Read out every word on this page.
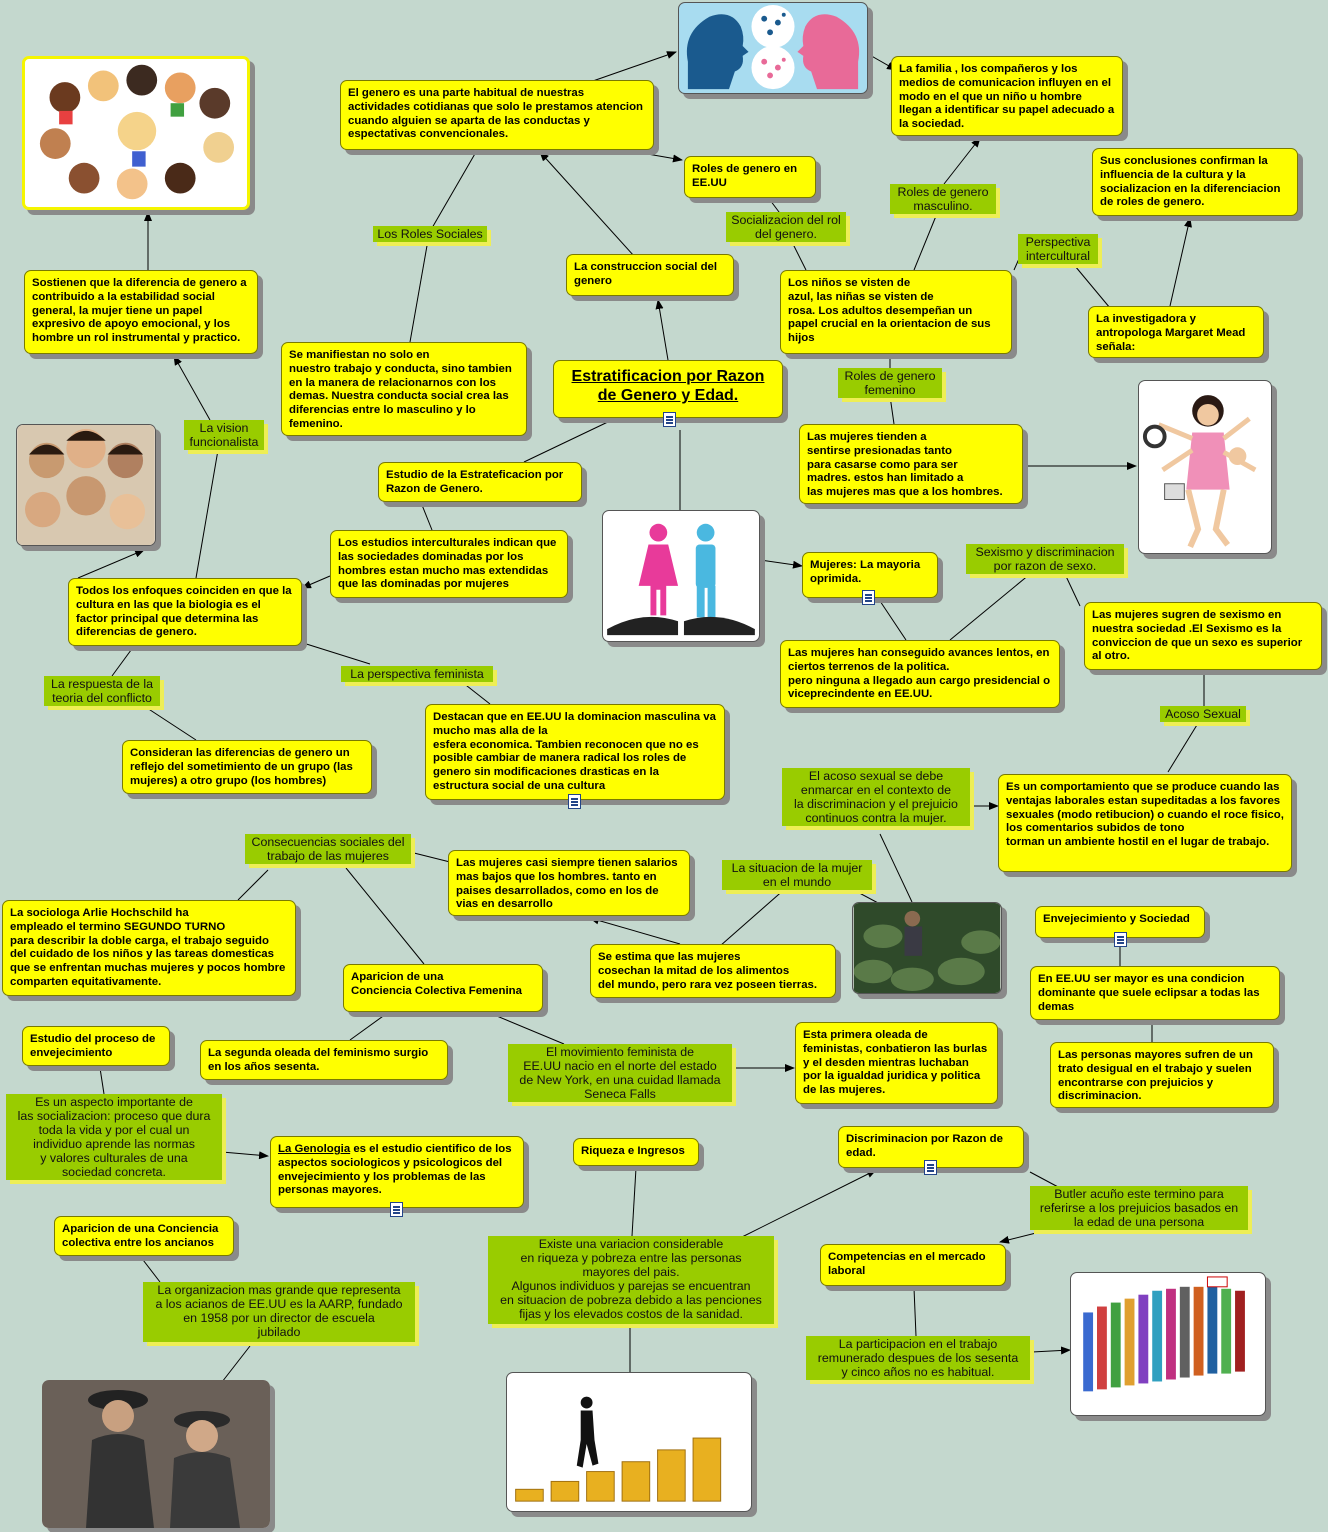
Estratificacion por Razon de Genero y Edad.
El genero es una parte habitual de nuestras actividades cotidianas que solo le prestamos atencion cuando alguien se aparta de las conductas y espectativas convencionales.
La familia , los compañeros y los medios de comunicacion influyen en el modo en el que un niño u hombre llegan a identificar su papel adecuado a la sociedad.
Sus conclusiones confirman la influencia de la cultura y la socializacion en la diferenciacion de roles de genero.
Roles de genero en
EE.UU
La construccion social del
genero	Los niños se visten de
azul, las niñas se visten de
rosa. Los adultos desempeñan un papel crucial en la orientacion de sus hijos
La investigadora y antropologa Margaret Mead
señala:
Sostienen que la diferencia de genero a contribuido a la estabilidad social general, la mujer tiene un papel expresivo de apoyo emocional, y los hombre un rol instrumental y practico.
Se manifiestan no solo en
nuestro trabajo y conducta, sino tambien en la manera de relacionarnos con los demas. Nuestra conducta social crea las diferencias entre lo masculino y lo femenino.
Las mujeres tienden a
sentirse presionadas tanto
para casarse como para ser
madres. estos han limitado a
las mujeres mas que a los hombres.
Estudio de la Estrateficacion por Razon de Genero.
Los estudios interculturales indican que las sociedades dominadas por los hombres estan mucho mas extendidas que las dominadas por mujeres
Todos los enfoques coinciden en que la cultura en las que la biologia es el factor principal que determina las diferencias de genero.
Mujeres: La mayoria
oprimida.
Las mujeres han conseguido avances lentos, en ciertos terrenos de la politica.
pero ninguna a llegado aun cargo presidencial o viceprecindente en EE.UU.
Las mujeres sugren de sexismo en nuestra sociedad .El Sexismo es la conviccion de que un sexo es superior al otro.
Consideran las diferencias de genero un reflejo del sometimiento de un grupo (las mujeres) a otro grupo (los hombres)
Destacan que en EE.UU la dominacion masculina va mucho mas alla de la
esfera economica. Tambien reconocen que no es posible cambiar de manera radical los roles de genero sin modificaciones drasticas en la estructura social de una cultura	Es un comportamiento que se produce cuando las ventajas laborales estan supeditadas a los favores sexuales (modo retibucion) o cuando el roce fisico, los comentarios subidos de tono
torman un ambiente hostil en el lugar de trabajo.
Las mujeres casi siempre tienen salarios mas bajos que los hombres. tanto en paises desarrollados, como en los de vias en desarrollo
La sociologa Arlie Hochschild ha
empleado el termino SEGUNDO TURNO
para describir la doble carga, el trabajo seguido del cuidado de los niños y las tareas domesticas que se enfrentan muchas mujeres y pocos hombre comparten equitativamente.
Envejecimiento y Sociedad
En EE.UU ser mayor es una condicion dominante que suele eclipsar a todas las demas
Aparicion de una
Conciencia Colectiva Femenina
Se estima que las mujeres
cosechan la mitad de los alimentos
del mundo, pero rara vez poseen tierras.
Estudio del proceso de envejecimiento	La segunda oleada del feminismo surgio en los años sesenta.
Esta primera oleada de feministas, conbatieron las burlas y el desden mientras luchaban por la igualdad juridica y politica de las mujeres.
Las personas mayores sufren de un trato desigual en el trabajo y suelen encontrarse con prejuicios y discriminacion.
La Genologia es el estudio cientifico de los aspectos sociologicos y psicologicos del envejecimiento y los problemas de las personas mayores.
Riqueza e Ingresos
Discriminacion por Razon de edad.
Aparicion de una Conciencia colectiva entre los ancianos
Competencias en el mercado laboral
Los Roles Sociales
Roles de genero
masculino.
Socializacion del rol
del genero.
Perspectiva
intercultural
Roles de genero
femenino
La vision
funcionalista
Sexismo y discriminacion
por razon de sexo.
La respuesta de la
teoria del conflicto
La perspectiva feminista
Acoso Sexual
El acoso sexual se debe
enmarcar en el contexto de
la discriminacion y el prejuicio
continuos contra la mujer.
Consecuencias sociales del
trabajo de las mujeres
La situacion de la mujer
en el mundo
El movimiento feminista de
EE.UU nacio en el norte del estado
de New York, en una cuidad llamada
Seneca Falls
Es un aspecto importante de
las socializacion: proceso que dura
toda la vida y por el cual un
individuo aprende las normas
y valores culturales de una
sociedad concreta.
Butler acuño este termino para
referirse a los prejuicios basados en
la edad de una persona
Existe una variacion considerable
en riqueza y pobreza entre las personas
mayores del pais.
Algunos individuos y parejas se encuentran
en situacion de pobreza debido a las penciones
fijas y los elevados costos de la sanidad.
La organizacion mas grande que representa
a los acianos de EE.UU es la AARP, fundado
en 1958 por un director de escuela
jubilado
La participacion en el trabajo
remunerado despues de los sesenta
y cinco años no es habitual.
